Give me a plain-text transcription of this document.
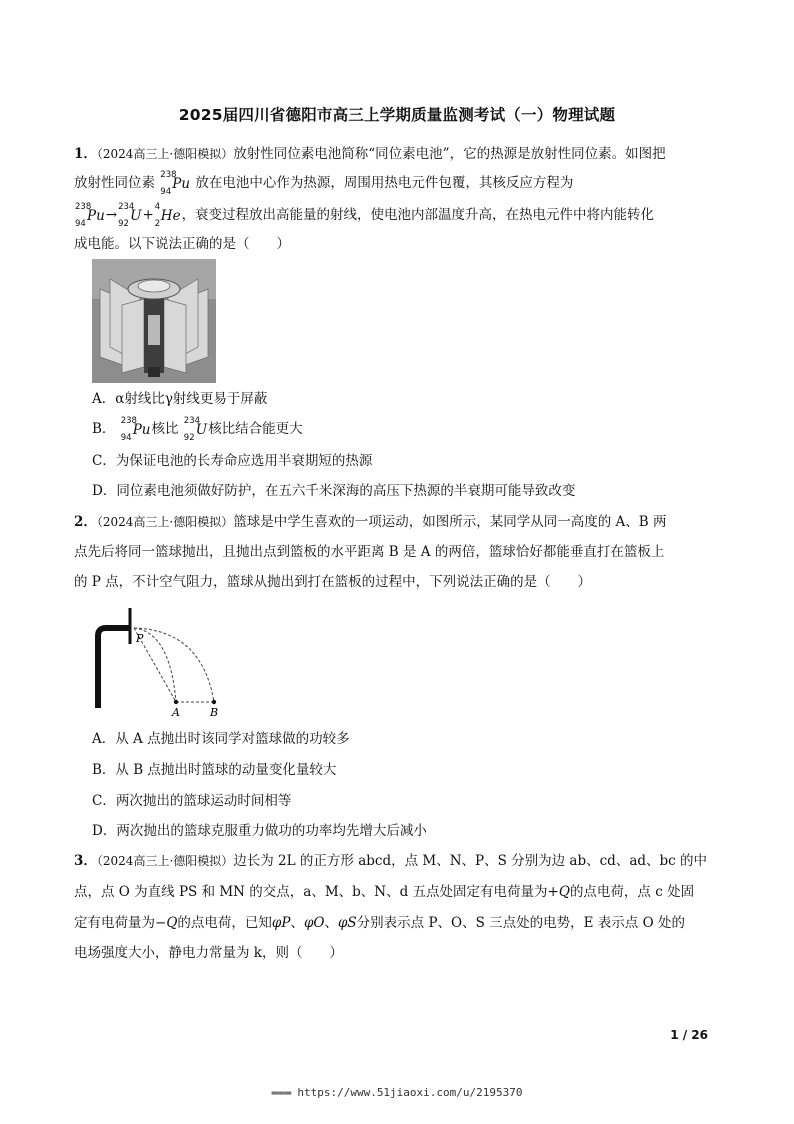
2025届四川省德阳市高三上学期质量监测考试（一）物理试题
1．（2024高三上·德阳模拟）放射性同位素电池简称“同位素电池”，它的热源是放射性同位素。如图把
放射性同位素
238
94 Pu 放在电池中心作为热源，周围用热电元件包覆，其核反应方程为
238
94 Pu→
234
92 U+
4
2 He，衰变过程放出高能量的射线，使电池内部温度升高，在热电元件中将内能转化
成电能。以下说法正确的是（　　）
A．α射线比γ射线更易于屏蔽
B．
238
94 Pu核比
234
92 U核比结合能更大
C．为保证电池的长寿命应选用半衰期短的热源
D．同位素电池须做好防护，在五六千米深海的高压下热源的半衰期可能导致改变
2．（2024高三上·德阳模拟）篮球是中学生喜欢的一项运动，如图所示，某同学从同一高度的 A、B 两
点先后将同一篮球抛出，且抛出点到篮板的水平距离 B 是 A 的两倍，篮球恰好都能垂直打在篮板上
的 P 点，不计空气阻力，篮球从抛出到打在篮板的过程中，下列说法正确的是（　　）
P
A	B
A．从 A 点抛出时该同学对篮球做的功较多
B．从 B 点抛出时篮球的动量变化量较大
C．两次抛出的篮球运动时间相等
D．两次抛出的篮球克服重力做功的功率均先增大后减小
3．（2024高三上·德阳模拟）边长为 2L 的正方形 abcd，点 M、N、P、S 分别为边 ab、cd、ad、bc 的中
点，点 O 为直线 PS 和 MN 的交点，a、M、b、N、d 五点处固定有电荷量为+Q的点电荷，点 c 处固
定有电荷量为−Q的点电荷，已知φP、φO、φS分别表示点 P、O、S 三点处的电势，E 表示点 O 处的
电场强度大小，静电力常量为 k，则（　　）
1 / 26
▬▬▬ https://www.51jiaoxi.com/u/2195370
